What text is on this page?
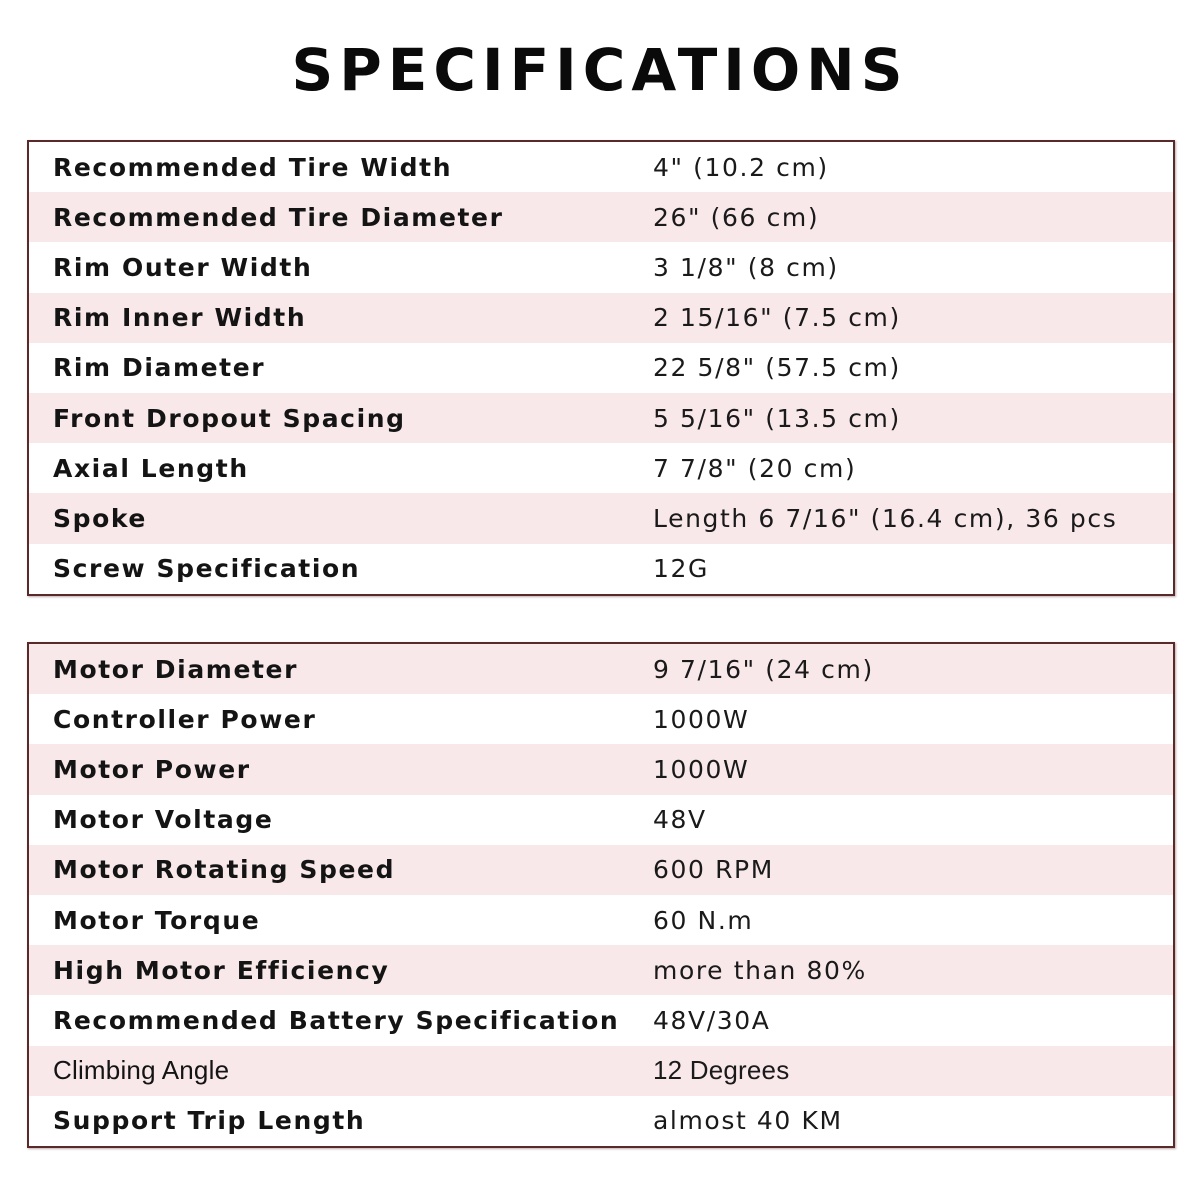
SPECIFICATIONS
Recommended Tire Width	4" (10.2 cm)
Recommended Tire Diameter	26" (66 cm)
Rim Outer Width	3 1/8" (8 cm)
Rim Inner Width	2 15/16" (7.5 cm)
Rim Diameter	22 5/8" (57.5 cm)
Front Dropout Spacing	5 5/16" (13.5 cm)
Axial Length	7 7/8" (20 cm)
Spoke	Length 6 7/16" (16.4 cm), 36 pcs
Screw Specification	12G
Motor Diameter	9 7/16" (24 cm)
Controller Power	1000W
Motor Power	1000W
Motor Voltage	48V
Motor Rotating Speed	600 RPM
Motor Torque	60 N.m
High Motor Efficiency	more than 80%
Recommended Battery Specification	48V/30A
Climbing Angle	12 Degrees
Support Trip Length	almost 40 KM
